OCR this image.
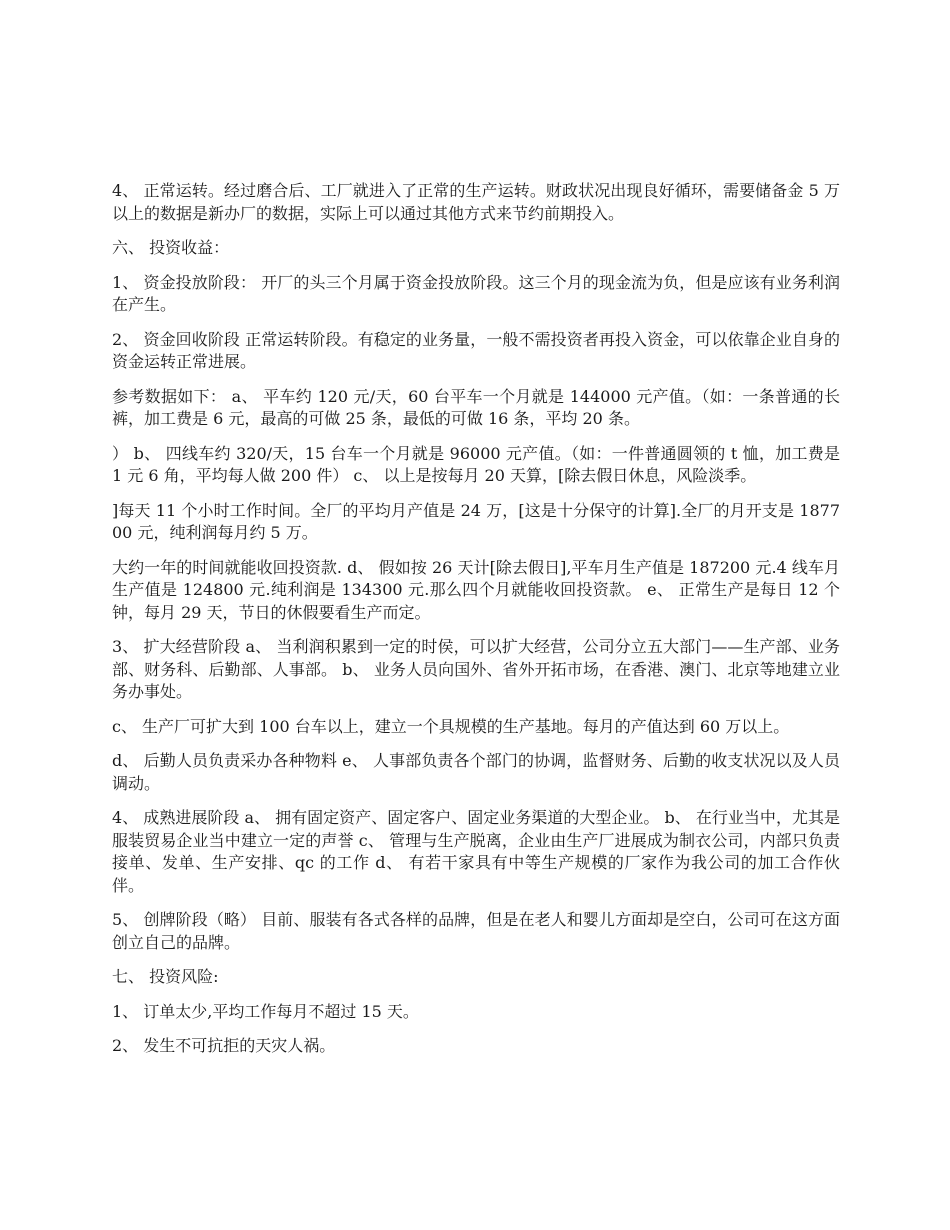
4、 正常运转。经过磨合后、工厂就进入了正常的生产运转。财政状况出现良好循环，需要储备金 5 万以上的数据是新办厂的数据，实际上可以通过其他方式来节约前期投入。

六、 投资收益：

1、 资金投放阶段： 开厂的头三个月属于资金投放阶段。这三个月的现金流为负，但是应该有业务利润在产生。

2、 资金回收阶段 正常运转阶段。有稳定的业务量，一般不需投资者再投入资金，可以依靠企业自身的资金运转正常进展。

参考数据如下： a、 平车约 120 元/天，60 台平车一个月就是 144000 元产值。（如：一条普通的长裤，加工费是 6 元，最高的可做 25 条，最低的可做 16 条，平均 20 条。

） b、 四线车约 320/天，15 台车一个月就是 96000 元产值。（如：一件普通圆领的 t 恤，加工费是 1 元 6 角，平均每人做 200 件） c、 以上是按每月 20 天算，[除去假日休息，风险淡季。

]每天 11 个小时工作时间。全厂的平均月产值是 24 万，[这是十分保守的计算].全厂的月开支是 187700 元，纯利润每月约 5 万。

大约一年的时间就能收回投资款. d、 假如按 26 天计[除去假日],平车月生产值是 187200 元.4 线车月生产值是 124800 元.纯利润是 134300 元.那么四个月就能收回投资款。 e、 正常生产是每日 12 个钟，每月 29 天，节日的休假要看生产而定。

3、 扩大经营阶段 a、 当利润积累到一定的时侯，可以扩大经营，公司分立五大部门——生产部、业务部、财务科、后勤部、人事部。 b、 业务人员向国外、省外开拓市场，在香港、澳门、北京等地建立业务办事处。

c、 生产厂可扩大到 100 台车以上，建立一个具规模的生产基地。每月的产值达到 60 万以上。

d、 后勤人员负责采办各种物料 e、 人事部负责各个部门的协调，监督财务、后勤的收支状况以及人员调动。

4、 成熟进展阶段 a、 拥有固定资产、固定客户、固定业务渠道的大型企业。 b、 在行业当中，尤其是服装贸易企业当中建立一定的声誉 c、 管理与生产脱离，企业由生产厂进展成为制衣公司，内部只负责接单、发单、生产安排、qc 的工作 d、 有若干家具有中等生产规模的厂家作为我公司的加工合作伙伴。

5、 创牌阶段（略） 目前、服装有各式各样的品牌，但是在老人和婴儿方面却是空白，公司可在这方面创立自己的品牌。

七、 投资风险:

1、 订单太少,平均工作每月不超过 15 天。

2、 发生不可抗拒的天灾人祸。
